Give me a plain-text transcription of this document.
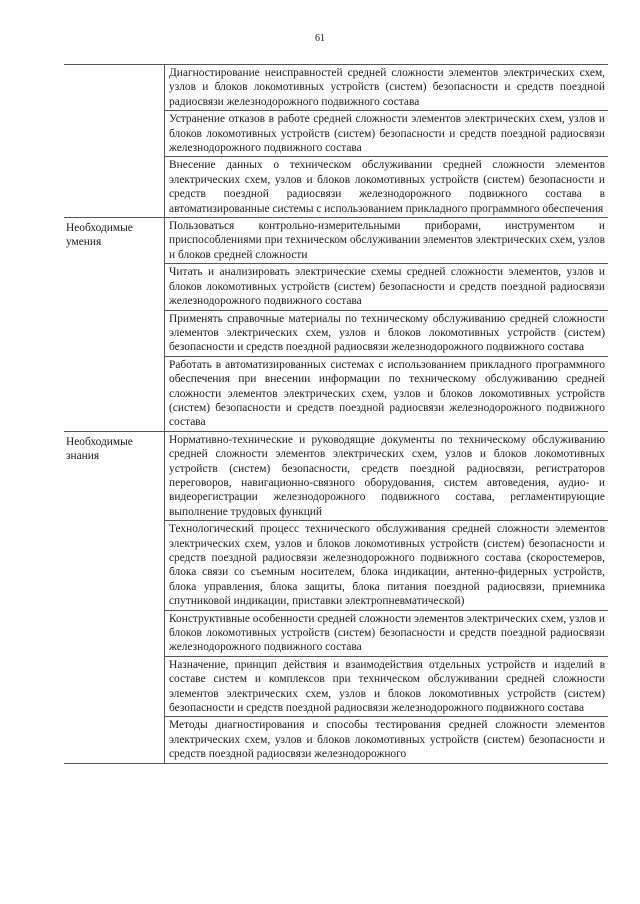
61
Диагностирование неисправностей средней сложности элементов электрических схем, узлов и блоков локомотивных устройств (систем) безопасности и средств поездной радиосвязи железнодорожного подвижного состава
Устранение отказов в работе средней сложности элементов электрических схем, узлов и блоков локомотивных устройств (систем) безопасности и средств поездной радиосвязи железнодорожного подвижного состава
Внесение данных о техническом обслуживании средней сложности элементов электрических схем, узлов и блоков локомотивных устройств (систем) безопасности и средств поездной радиосвязи железнодорожного подвижного состава в автоматизированные системы с использованием прикладного программного обеспечения
Необходимые умения
Пользоваться контрольно-измерительными приборами, инструментом и приспособлениями при техническом обслуживании элементов электрических схем, узлов и блоков средней сложности
Читать и анализировать электрические схемы средней сложности элементов, узлов и блоков локомотивных устройств (систем) безопасности и средств поездной радиосвязи железнодорожного подвижного состава
Применять справочные материалы по техническому обслуживанию средней сложности элементов электрических схем, узлов и блоков локомотивных устройств (систем) безопасности и средств поездной радиосвязи железнодорожного подвижного состава
Работать в автоматизированных системах с использованием прикладного программного обеспечения при внесении информации по техническому обслуживанию средней сложности элементов электрических схем, узлов и блоков локомотивных устройств (систем) безопасности и средств поездной радиосвязи железнодорожного подвижного состава
Необходимые знания
Нормативно-технические и руководящие документы по техническому обслуживанию средней сложности элементов электрических схем, узлов и блоков локомотивных устройств (систем) безопасности, средств поездной радиосвязи, регистраторов переговоров, навигационно-связного оборудования, систем автоведения, аудио- и видеорегистрации железнодорожного подвижного состава, регламентирующие выполнение трудовых функций
Технологический процесс технического обслуживания средней сложности элементов электрических схем, узлов и блоков локомотивных устройств (систем) безопасности и средств поездной радиосвязи железнодорожного подвижного состава (скоростемеров, блока связи со съемным носителем, блока индикации, антенно-фидерных устройств, блока управления, блока защиты, блока питания поездной радиосвязи, приемника спутниковой индикации, приставки электропневматической)
Конструктивные особенности средней сложности элементов электрических схем, узлов и блоков локомотивных устройств (систем) безопасности и средств поездной радиосвязи железнодорожного подвижного состава
Назначение, принцип действия и взаимодействия отдельных устройств и изделий в составе систем и комплексов при техническом обслуживании средней сложности элементов электрических схем, узлов и блоков локомотивных устройств (систем) безопасности и средств поездной радиосвязи железнодорожного подвижного состава
Методы диагностирования и способы тестирования средней сложности элементов электрических схем, узлов и блоков локомотивных устройств (систем) безопасности и средств поездной радиосвязи железнодорожного
